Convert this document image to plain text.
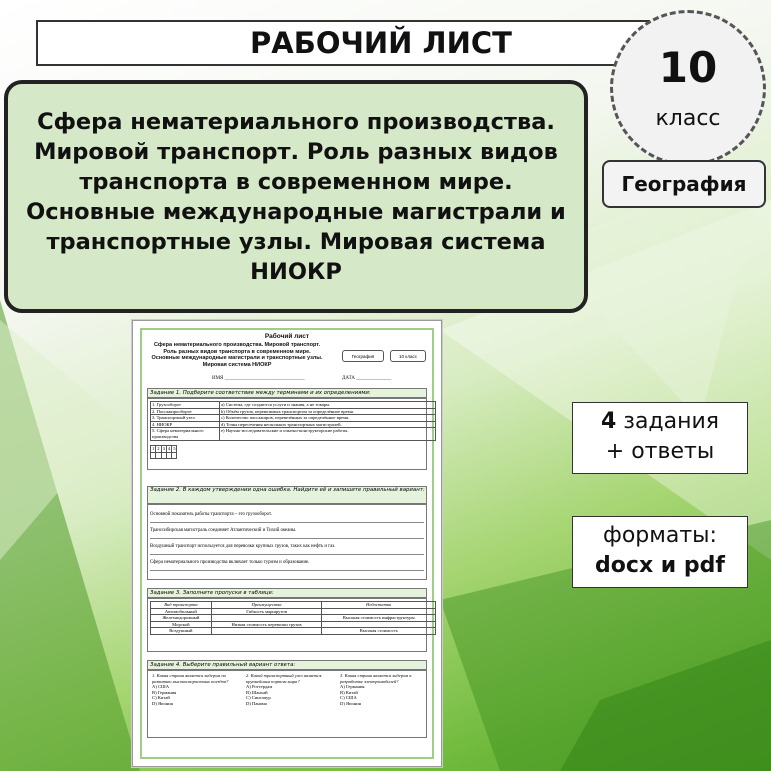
РАБОЧИЙ ЛИСТ
Сфера нематериального производства. Мировой транспорт. Роль разных видов транспорта в современном мире. Основные международные магистрали и транспортные узлы. Мировая система НИОКР
10
класс
География
4 задания
+ ответы
форматы:
docx и pdf
Рабочий лист
Сфера нематериального производства. Мировой транспорт.
Роль разных видов транспорта в современном мире.
Основные международные магистрали и транспортные узлы.
Мировая система НИОКР
География	10 класс
ИМЯ ________________________________	ДАТА ______________
Задание 1. Подберите соответствие между терминами и их определениями:
1. Грузооборот	a) Система, где создаются услуги и знания, а не товары.
2. Пассажирооборот	b) Объём грузов, перевозимых транспортом за определённое время.
3. Транспортный узел	c) Количество пассажиров, перевезённых за определённое время.
4. НИОКР	d) Точка пересечения нескольких транспортных магистралей.
5. Сфера нематериального производства	e) Научно-исследовательские и опытно-конструкторские работы.
1	2	3	4	5

Задание 2. В каждом утверждении одна ошибка. Найдите её и запишите правильный вариант:
Основной показатель работы транспорта – это грузооборот.
Транссибирская магистраль соединяет Атлантический и Тихий океаны.
Воздушный транспорт используется для перевозки крупных грузов, таких как нефть и газ.
Сфера нематериального производства включает только туризм и образование.
Задание 3. Заполните пропуски в таблице:
Вид транспорта	Преимущества	Недостатки
Автомобильный	Гибкость маршрутов	
Железнодорожный		Высокая стоимость инфраструктуры
Морской	Низкая стоимость перевозки грузов	
Воздушный		Высокая стоимость
Задание 4. Выберите правильный вариант ответа:
1. Какая страна является лидером по развитию высокоскоростных поездов?
A) США
B) Германия
C) Китай
D) Япония
2. Какой транспортный узел является крупнейшим портом мира?
A) Роттердам
B) Шанхай
C) Сингапур
D) Панама
3. Какая страна является лидером в разработке электромобилей?
A) Германия
B) Китай
C) США
D) Япония
